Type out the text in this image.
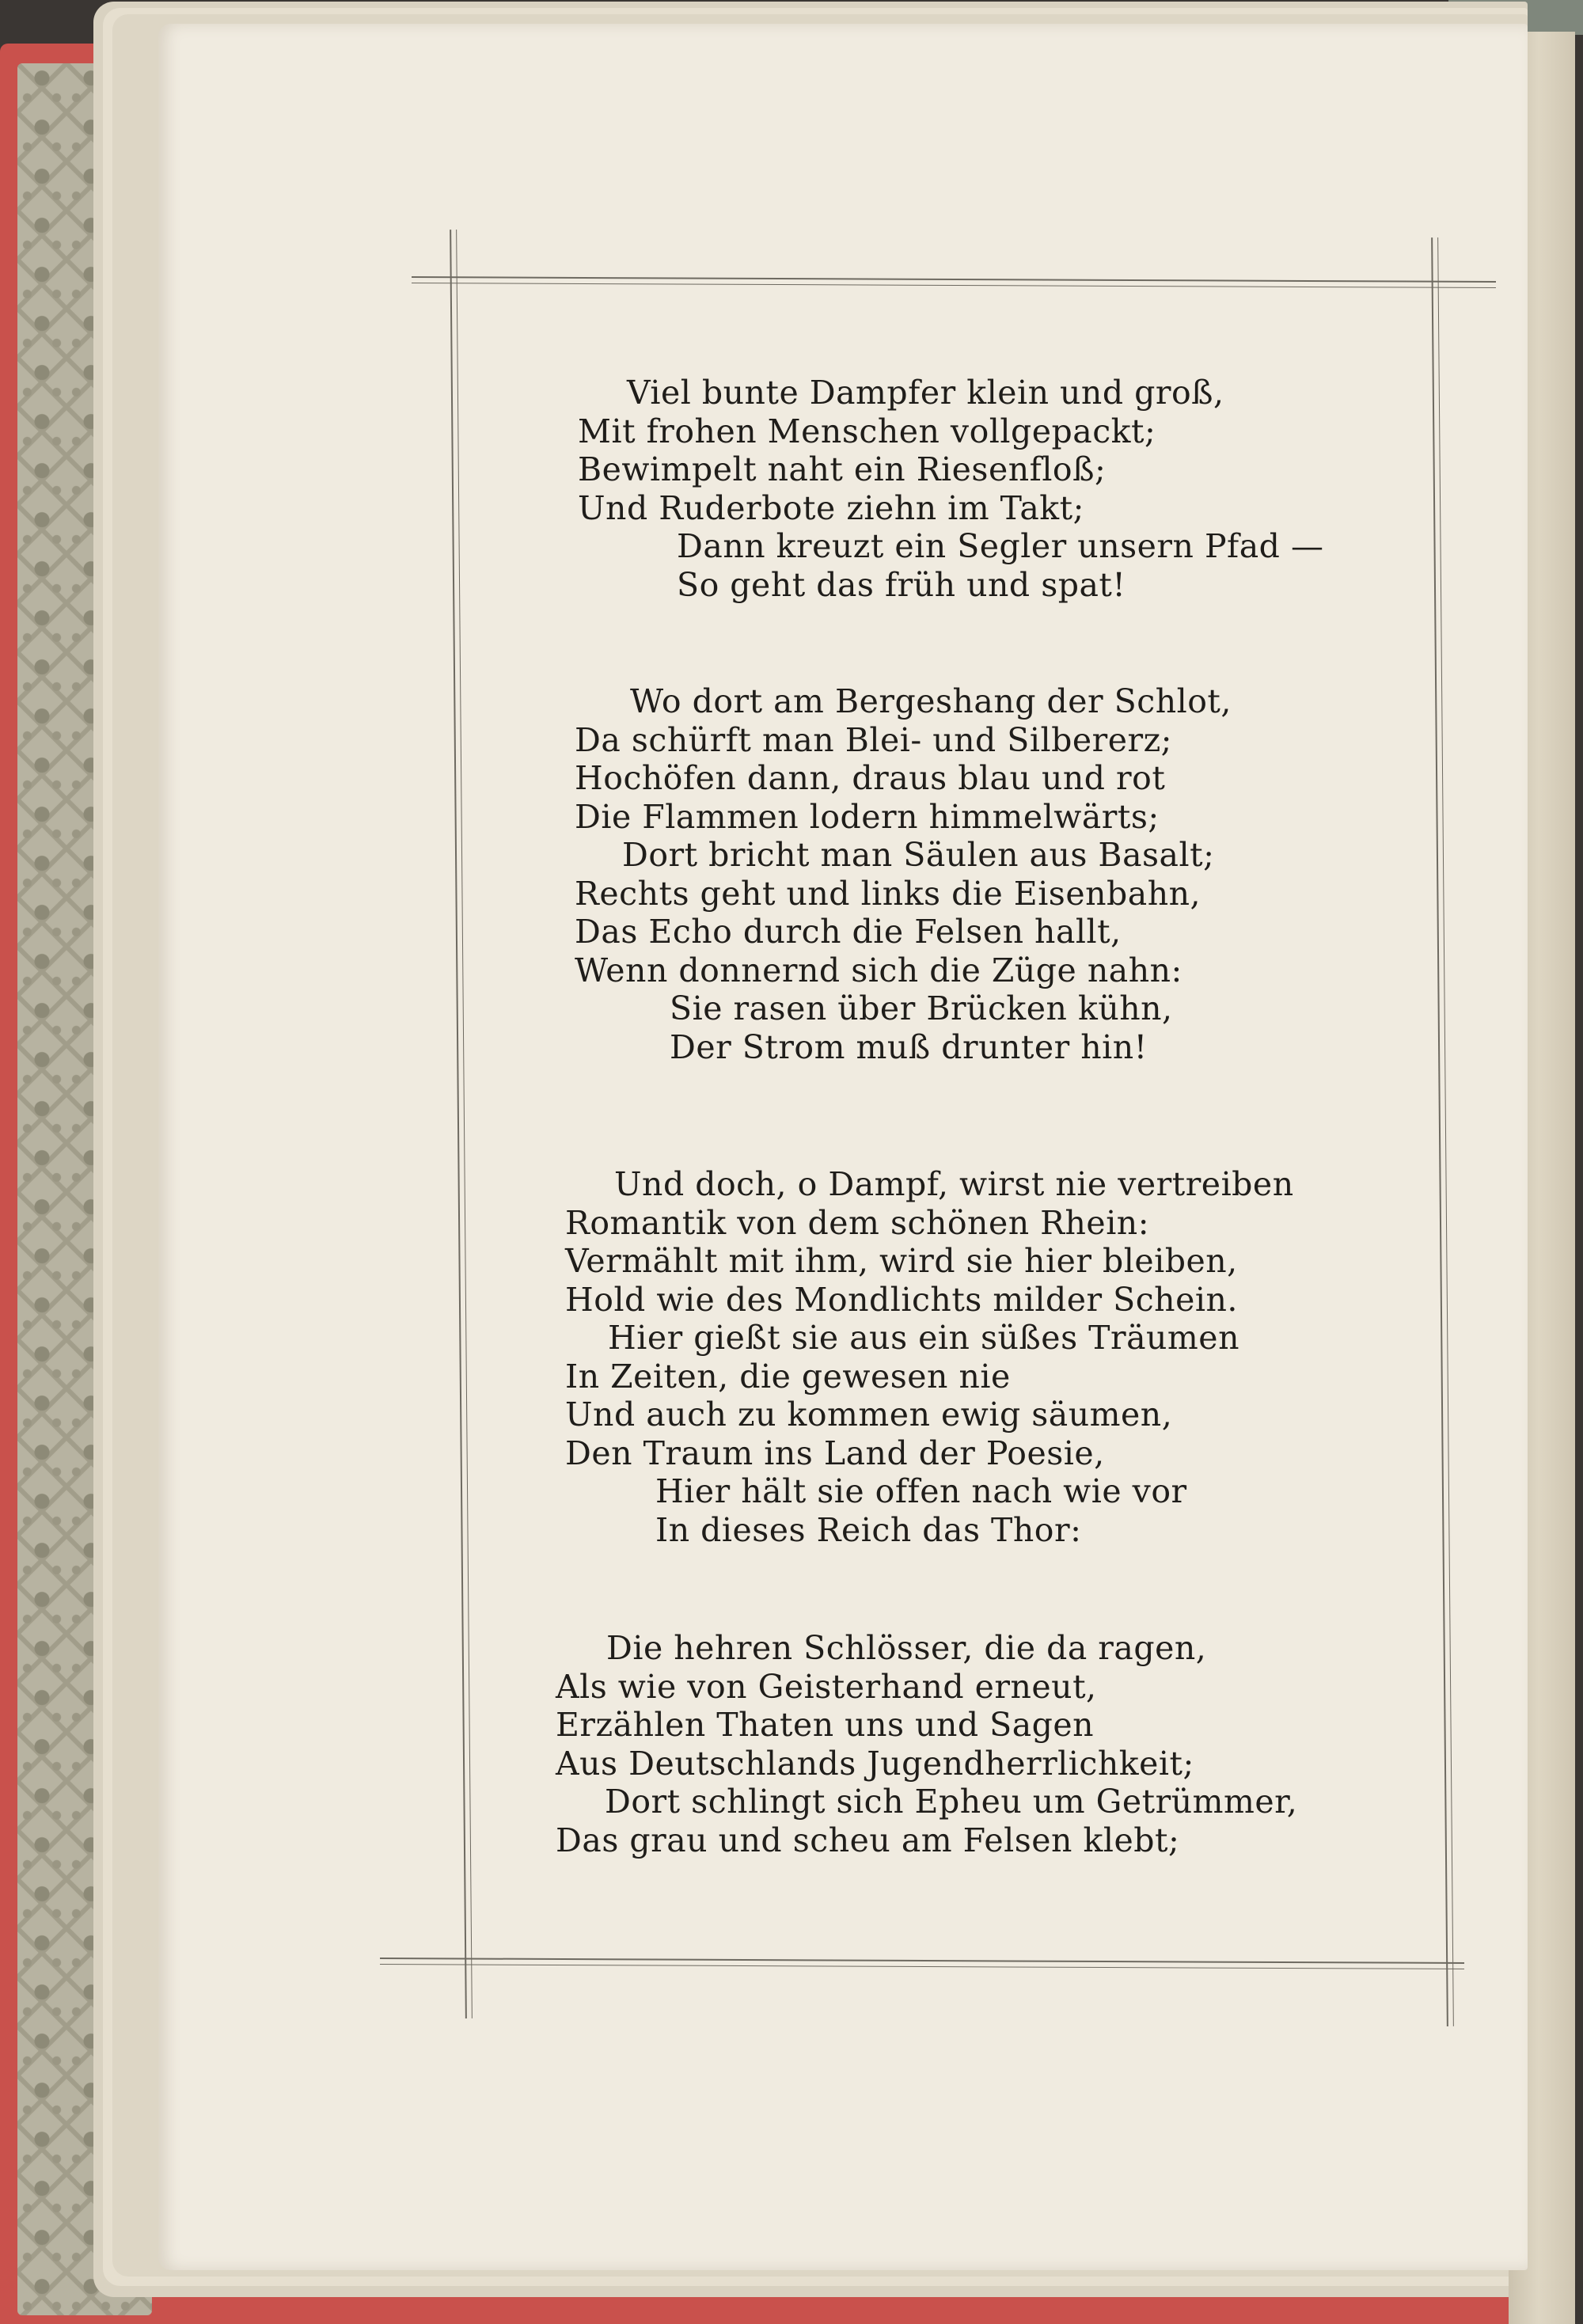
Viel bunte Dampfer klein und groß,
Mit frohen Menschen vollgepackt;
Bewimpelt naht ein Riesenfloß;
Und Ruderbote ziehn im Takt;
Dann kreuzt ein Segler unsern Pfad —
So geht das früh und spat!
Wo dort am Bergeshang der Schlot,
Da schürft man Blei- und Silbererz;
Hochöfen dann, draus blau und rot
Die Flammen lodern himmelwärts;
Dort bricht man Säulen aus Basalt;
Rechts geht und links die Eisenbahn,
Das Echo durch die Felsen hallt,
Wenn donnernd sich die Züge nahn:
Sie rasen über Brücken kühn,
Der Strom muß drunter hin!
Und doch, o Dampf, wirst nie vertreiben
Romantik von dem schönen Rhein:
Vermählt mit ihm, wird sie hier bleiben,
Hold wie des Mondlichts milder Schein.
Hier gießt sie aus ein süßes Träumen
In Zeiten, die gewesen nie
Und auch zu kommen ewig säumen,
Den Traum ins Land der Poesie,
Hier hält sie offen nach wie vor
In dieses Reich das Thor:
Die hehren Schlösser, die da ragen,
Als wie von Geisterhand erneut,
Erzählen Thaten uns und Sagen
Aus Deutschlands Jugendherrlichkeit;
Dort schlingt sich Epheu um Getrümmer,
Das grau und scheu am Felsen klebt;
